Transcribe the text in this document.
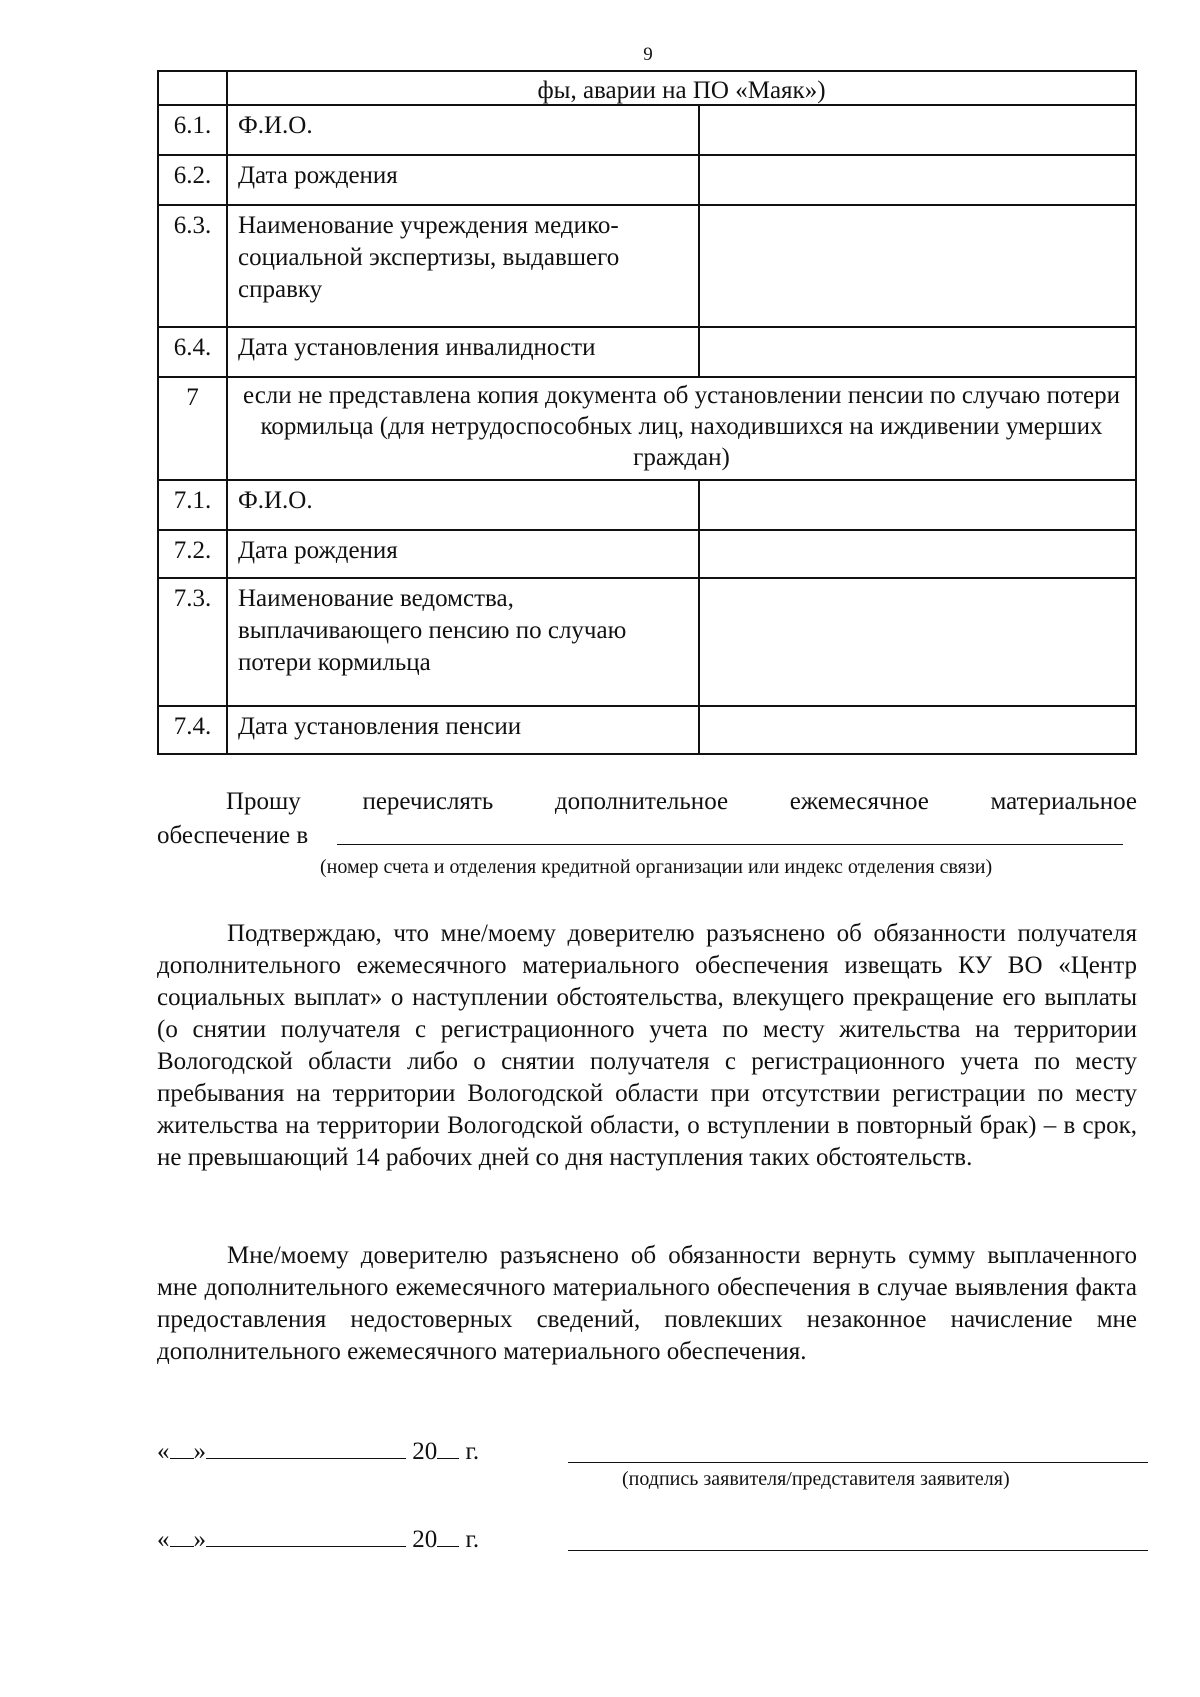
9
	фы, аварии на ПО «Маяк»)	
6.1.	Ф.И.О.	
6.2.	Дата рождения	
6.3.	Наименование учреждения медико-социальной экспертизы, выдавшего справку	
6.4.	Дата установления инвалидности	
7	если не представлена копия документа об установлении пенсии по случаю потери кормильца (для нетрудоспособных лиц, находившихся на иждивении умерших граждан)	
7.1.	Ф.И.О.	
7.2.	Дата рождения	
7.3.	Наименование ведомства, выплачивающего пенсию по случаю потери кормильца	
7.4.	Дата установления пенсии	
Прошу перечислять дополнительное ежемесячное материальное
обеспечение в
(номер счета и отделения кредитной организации или индекс отделения связи)
Подтверждаю, что мне/моему доверителю разъяснено об обязанности получателя дополнительного ежемесячного материального обеспечения извещать КУ ВО «Центр социальных выплат» о наступлении обстоятельства, влекущего прекращение его выплаты (о снятии получателя с регистрационного учета по месту жительства на территории Вологодской области либо о снятии получателя с регистрационного учета по месту пребывания на территории Вологодской области при отсутствии регистрации по месту жительства на территории Вологодской области, о вступлении в повторный брак) – в срок, не превышающий 14 рабочих дней со дня наступления таких обстоятельств.
Мне/моему доверителю разъяснено об обязанности вернуть сумму выплаченного мне дополнительного ежемесячного материального обеспечения в случае выявления факта предоставления недостоверных сведений, повлекших незаконное начисление мне дополнительного ежемесячного материального обеспечения.
« »	20 г.
(подпись заявителя/представителя заявителя)
« »	20 г.
